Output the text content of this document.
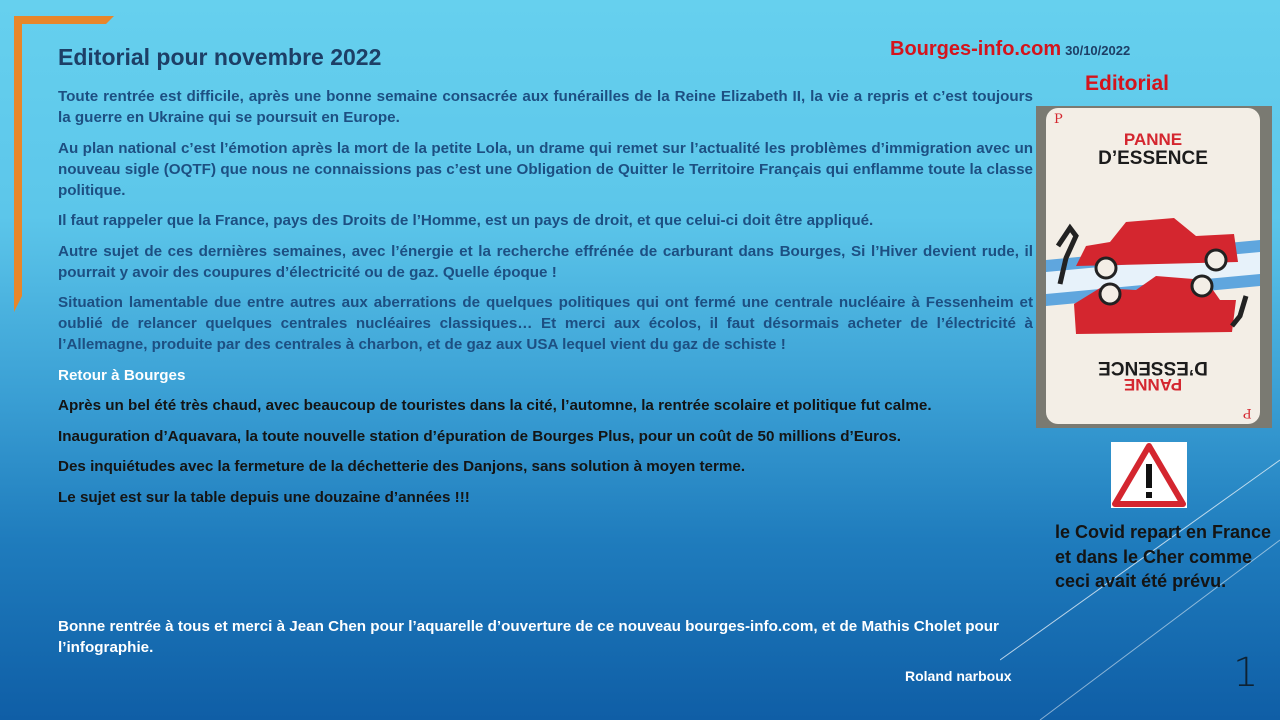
Editorial pour novembre 2022	Bourges-info.com 30/10/2022
Editorial

Toute rentrée est difficile, après une bonne semaine consacrée aux funérailles de la Reine Elizabeth II, la vie a repris et c’est toujours la guerre en Ukraine qui se poursuit en Europe.

Au plan national c’est l’émotion après la mort de la petite Lola, un drame qui remet sur l’actualité les problèmes d’immigration avec un nouveau sigle (OQTF) que nous ne connaissions pas c’est une Obligation de Quitter le Territoire Français qui enflamme toute la classe politique.

Il faut rappeler que la France, pays des Droits de l’Homme, est un pays de droit, et que celui-ci doit être appliqué.

Autre sujet de ces dernières semaines, avec l’énergie et la recherche effrénée de carburant dans Bourges, Si l’Hiver devient rude, il pourrait y avoir des coupures d’électricité ou de gaz. Quelle époque !

Situation lamentable due entre autres aux aberrations de quelques politiques qui ont fermé une centrale nucléaire à Fessenheim et oublié de relancer quelques centrales nucléaires classiques… Et merci aux écolos, il faut désormais acheter de l’électricité à l’Allemagne, produite par des centrales à charbon, et de gaz aux USA lequel vient du gaz de schiste !

Retour à Bourges

Après un bel été très chaud, avec beaucoup de touristes dans la cité, l’automne, la rentrée scolaire et politique fut calme.

Inauguration d’Aquavara, la toute nouvelle station d’épuration de Bourges Plus, pour un coût de 50 millions d’Euros.

Des inquiétudes avec la fermeture de la déchetterie des Danjons, sans solution à moyen terme.

Le sujet est sur la table depuis une douzaine d’années !!!

Bonne rentrée à tous et merci à Jean Chen pour l’aquarelle d’ouverture de ce nouveau bourges-info.com, et de Mathis Cholet pour l’infographie.

Roland narboux	1
P
PANNE
D’ESSENCE
D’ESSENCE
PANNE
P
le Covid repart en France et dans le Cher comme ceci avait été prévu.
